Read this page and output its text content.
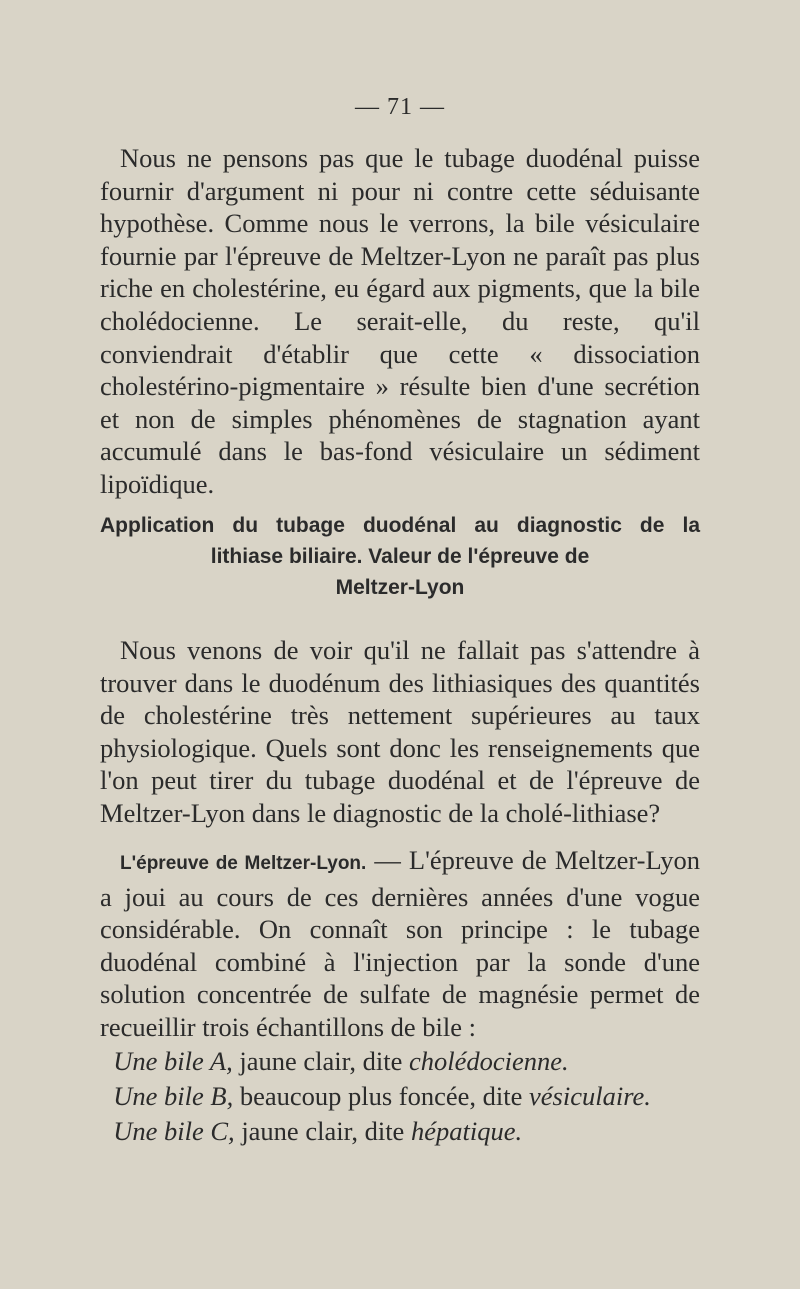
— 71 —

Nous ne pensons pas que le tubage duodénal puisse fournir d'argument ni pour ni contre cette séduisante hypothèse. Comme nous le verrons, la bile vésiculaire fournie par l'épreuve de Meltzer-Lyon ne paraît pas plus riche en cholestérine, eu égard aux pigments, que la bile cholédocienne. Le serait-elle, du reste, qu'il conviendrait d'établir que cette « dissociation cholestérino-pigmentaire » résulte bien d'une secrétion et non de simples phénomènes de stagnation ayant accumulé dans le bas-fond vésiculaire un sédiment lipoïdique.

Application du tubage duodénal au diagnostic de la
lithiase biliaire. Valeur de l'épreuve de
Meltzer-Lyon

Nous venons de voir qu'il ne fallait pas s'attendre à trouver dans le duodénum des lithiasiques des quantités de cholestérine très nettement supérieures au taux physiologique. Quels sont donc les renseignements que l'on peut tirer du tubage duodénal et de l'épreuve de Meltzer-Lyon dans le diagnostic de la cholé-lithiase?

L'épreuve de Meltzer-Lyon. — L'épreuve de Meltzer-Lyon a joui au cours de ces dernières années d'une vogue considérable. On connaît son principe : le tubage duodénal combiné à l'injection par la sonde d'une solution concentrée de sulfate de magnésie permet de recueillir trois échantillons de bile :

Une bile A, jaune clair, dite cholédocienne.

Une bile B, beaucoup plus foncée, dite vésiculaire.

Une bile C, jaune clair, dite hépatique.
